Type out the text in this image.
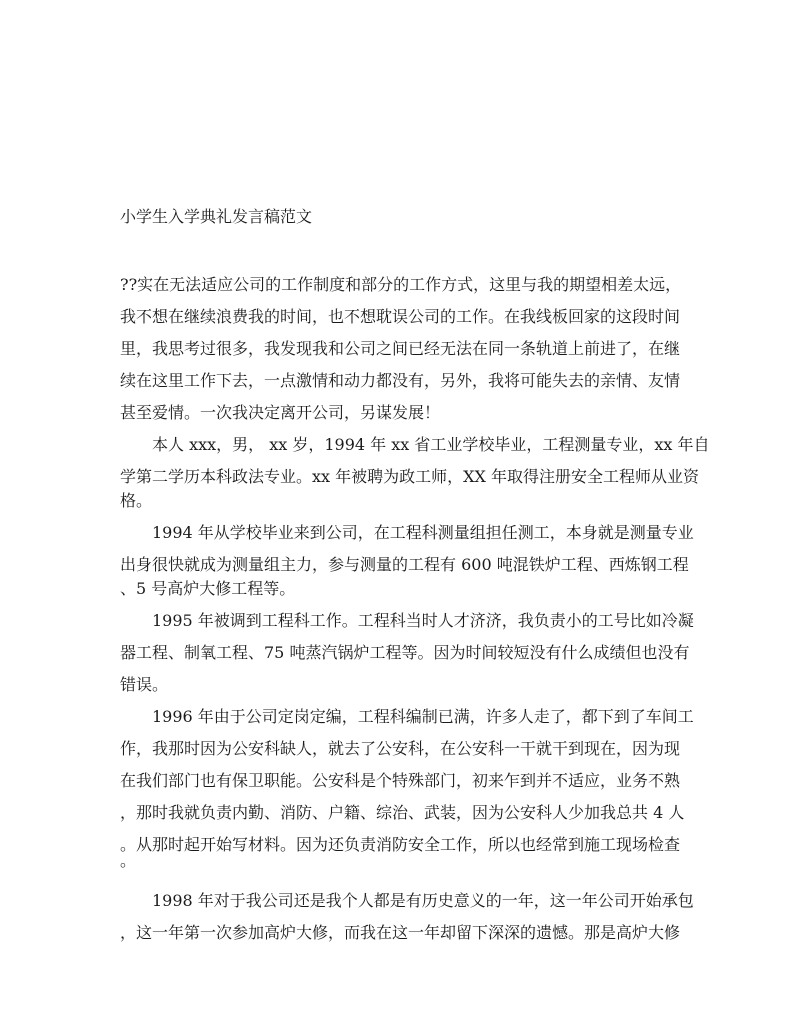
小学生入学典礼发言稿范文
??实在无法适应公司的工作制度和部分的工作方式，这里与我的期望相差太远，
我不想在继续浪费我的时间，也不想耽误公司的工作。在我线板回家的这段时间
里，我思考过很多，我发现我和公司之间已经无法在同一条轨道上前进了，在继
续在这里工作下去，一点激情和动力都没有，另外，我将可能失去的亲情、友情
甚至爱情。一次我决定离开公司，另谋发展！
本人 xxx，男， xx 岁，1994 年 xx 省工业学校毕业，工程测量专业，xx 年自
学第二学历本科政法专业。xx 年被聘为政工师，XX 年取得注册安全工程师从业资
格。
1994 年从学校毕业来到公司，在工程科测量组担任测工，本身就是测量专业
出身很快就成为测量组主力，参与测量的工程有 600 吨混铁炉工程、西炼钢工程
、5 号高炉大修工程等。
1995 年被调到工程科工作。工程科当时人才济济，我负责小的工号比如冷凝
器工程、制氧工程、75 吨蒸汽锅炉工程等。因为时间较短没有什么成绩但也没有
错误。
1996 年由于公司定岗定编，工程科编制已满，许多人走了，都下到了车间工
作，我那时因为公安科缺人，就去了公安科，在公安科一干就干到现在，因为现
在我们部门也有保卫职能。公安科是个特殊部门，初来乍到并不适应，业务不熟
，那时我就负责内勤、消防、户籍、综治、武装，因为公安科人少加我总共 4 人
。从那时起开始写材料。因为还负责消防安全工作，所以也经常到施工现场检查
。
1998 年对于我公司还是我个人都是有历史意义的一年，这一年公司开始承包
，这一年第一次参加高炉大修，而我在这一年却留下深深的遗憾。那是高炉大修
